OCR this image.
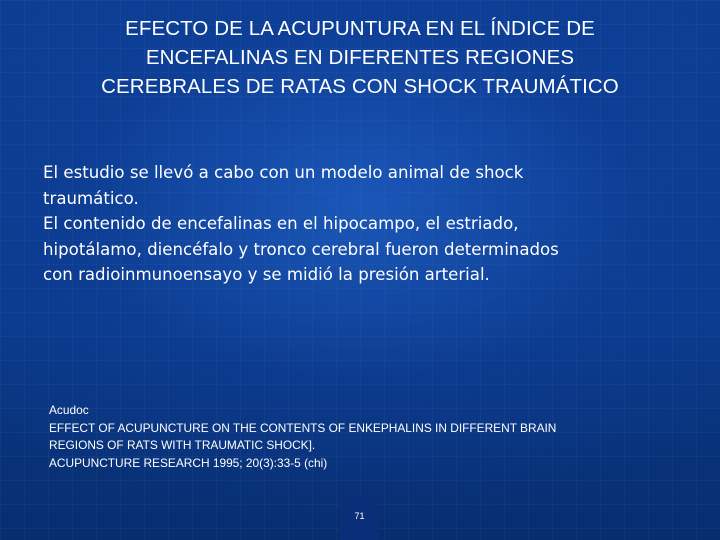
EFECTO DE LA ACUPUNTURA EN EL ÍNDICE DE
ENCEFALINAS EN DIFERENTES REGIONES
CEREBRALES DE RATAS CON SHOCK TRAUMÁTICO
El estudio se llevó a cabo con un modelo animal de shock
traumático.
El contenido de encefalinas en el hipocampo, el estriado,
hipotálamo, diencéfalo y tronco cerebral fueron determinados
con radioinmunoensayo y se midió la presión arterial.
Acudoc
EFFECT OF ACUPUNCTURE ON THE CONTENTS OF ENKEPHALINS IN DIFFERENT BRAIN
REGIONS OF RATS WITH TRAUMATIC SHOCK].
ACUPUNCTURE RESEARCH 1995; 20(3):33-5 (chi)
71
